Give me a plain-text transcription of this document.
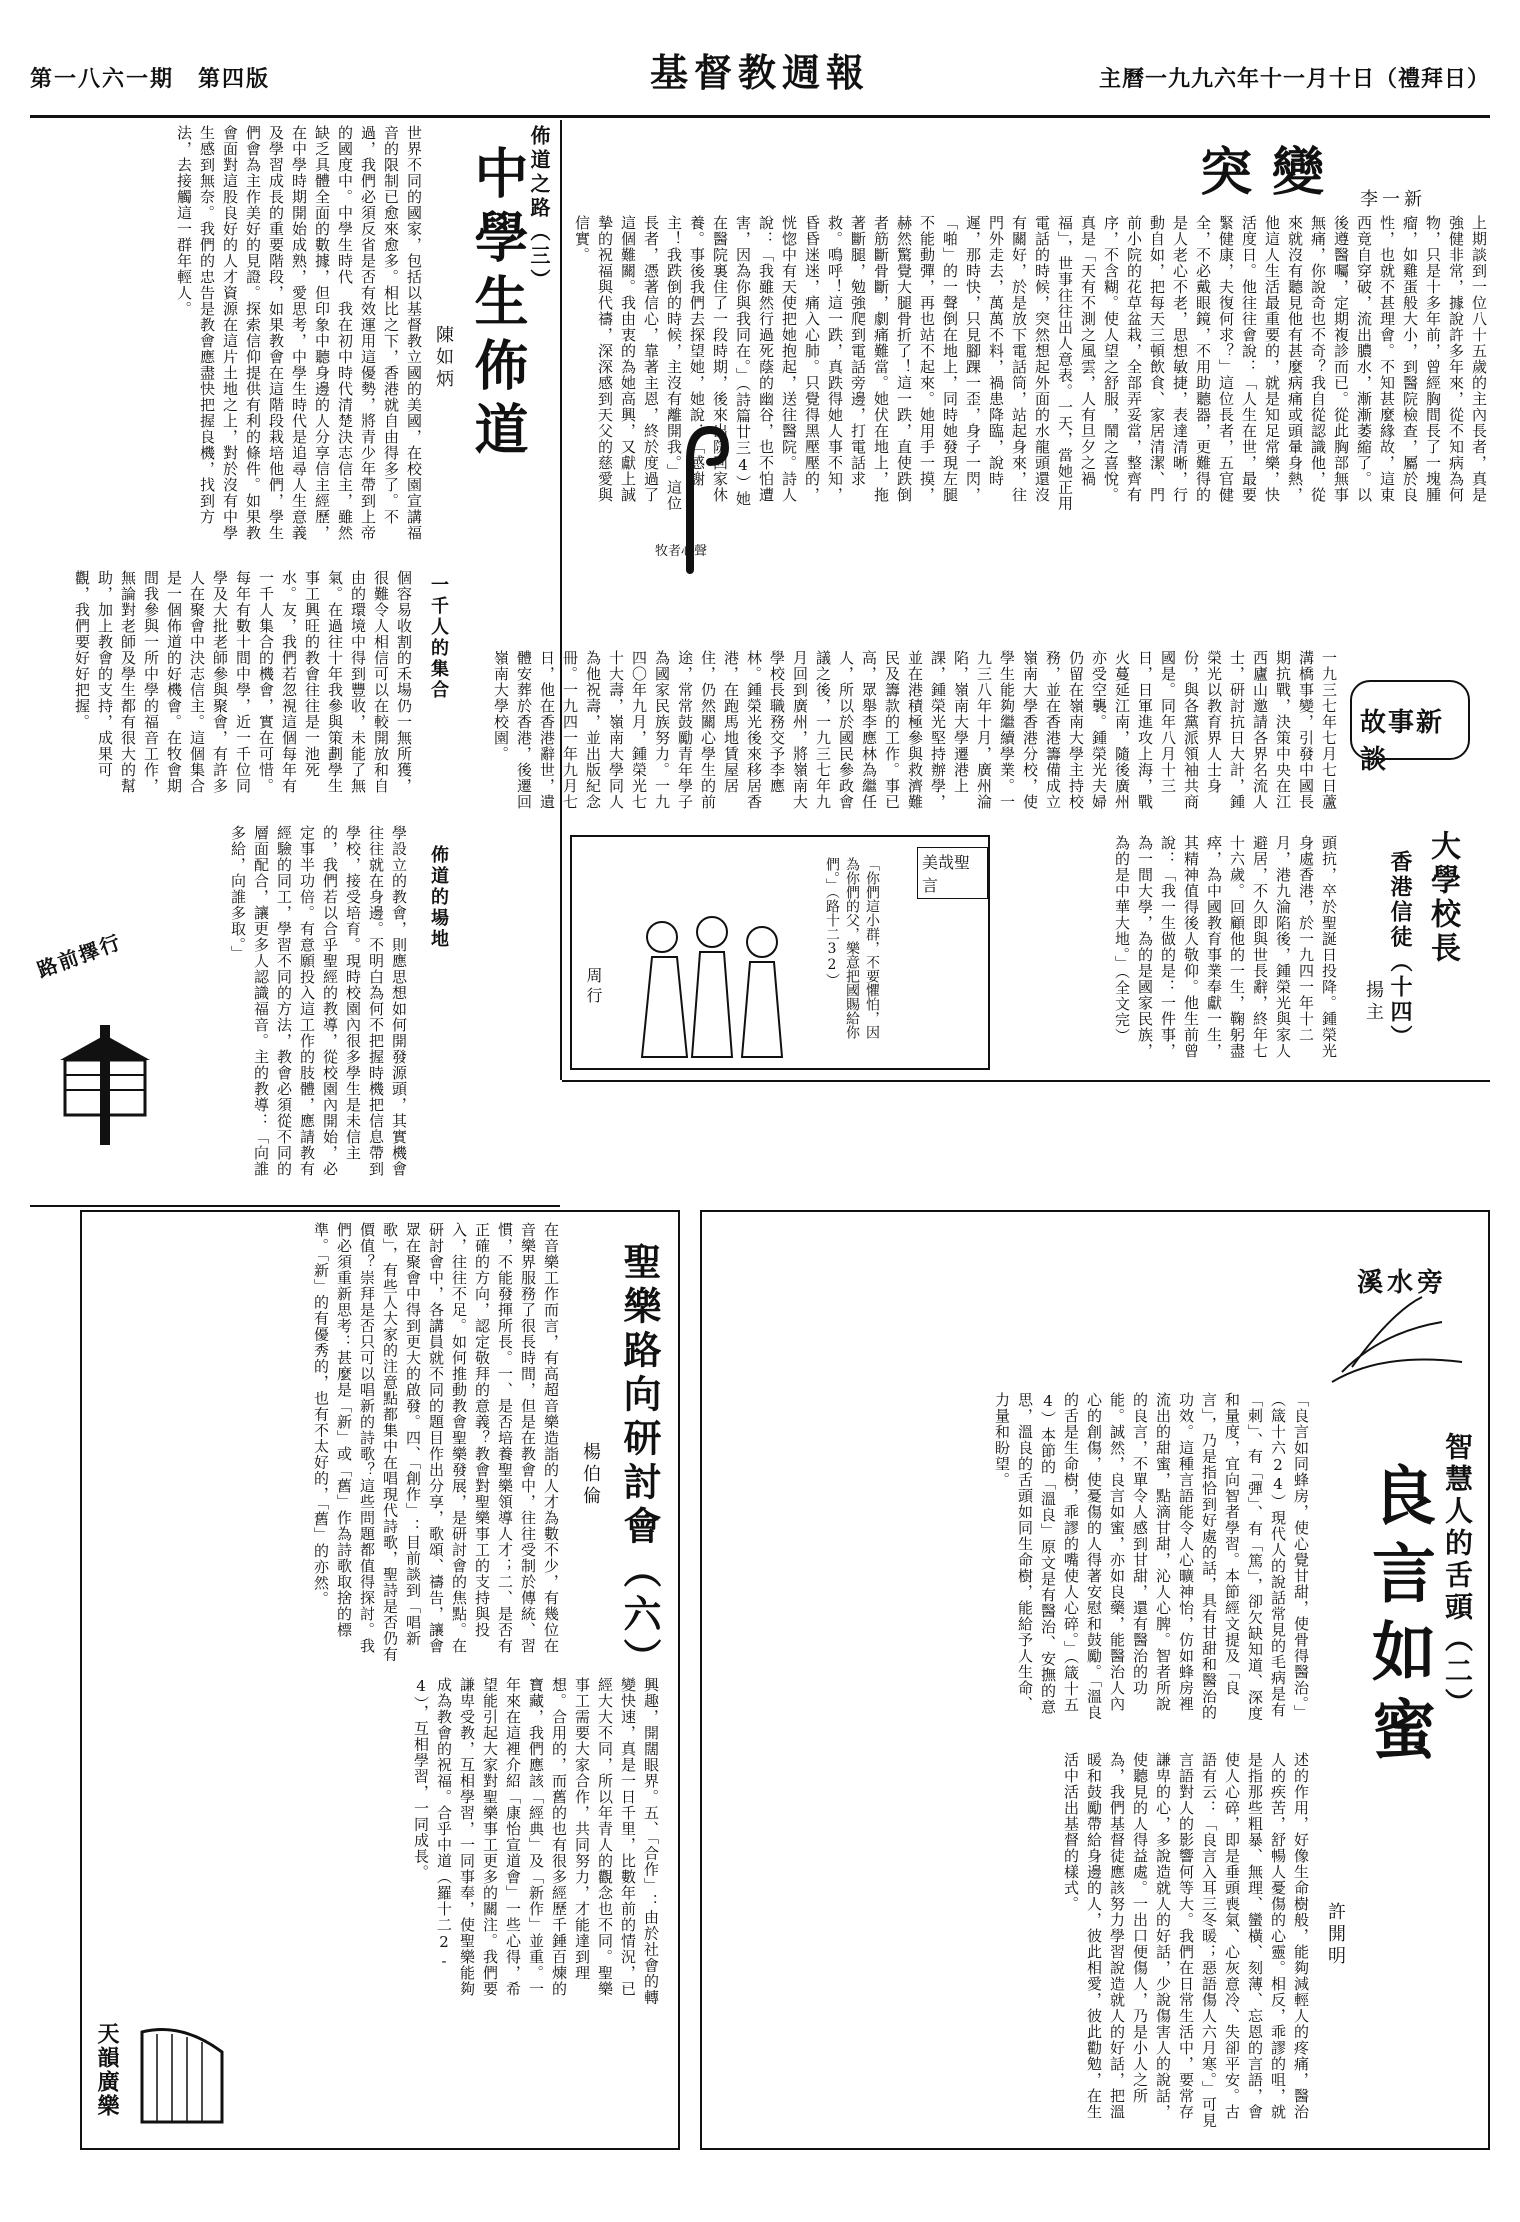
第一八六一期　第四版	基督教週報	主曆一九九六年十一月十日（禮拜日）
突變 李一新
上期談到一位八十五歲的主內長者，真是強健非常，據說許多年來，從不知病為何物，只是十多年前，曾經胸間長了一塊腫瘤，如雞蛋般大小，到醫院檢查，屬於良性，也就不甚理會。不知甚麼緣故，這東西竟自穿破，流出膿水，漸漸萎縮了。以後遵醫囑，定期複診而已。從此胸部無事無痛，你說奇也不奇？我自從認識他，從來就沒有聽見他有甚麼病痛或頭暈身熱，他這人生活最重要的，就是知足常樂，快活度日。他往往會說：「人生在世，最要緊健康，夫復何求？」這位長者，五官健全，不必戴眼鏡，不用助聽器，更難得的是人老心不老，思想敏捷，表達清晰，行動自如，把每天三頓飲食、家居清潔、門前小院的花草盆栽，全部弄妥當，整齊有序，不含糊。使人望之舒服，鬧之喜悅。真是「天有不測之風雲，人有旦夕之禍福」，世事往往出人意表。一天，當她正用電話的時候，突然想起外面的水龍頭還沒有關好，於是放下電話筒，站起身來，往門外走去，萬萬不料，禍患降臨，說時遲，那時快，只見腳踝一歪，身子一閃，「啪」的一聲倒在地上，同時她發現左腿不能動彈，再也站不起來。她用手一摸，赫然驚覺大腿骨折了！這一跌，直使跌倒者筋斷骨斷，劇痛難當。她伏在地上，拖著斷腿，勉強爬到電話旁邊，打電話求救。鳴呼！這一跌，真跌得她人事不知，昏昏迷迷，痛入心肺。只覺得黑壓壓的，恍惚中有天使把她抱起，送往醫院。詩人說：「我雖然行過死蔭的幽谷，也不怕遭害，因為你與我同在。」（詩篇廿三4）她在醫院裏住了一段時期，後來出院回家休養。事後我們去探望她，她說：「感謝主！我跌倒的時候，主沒有離開我。」這位長者，憑著信心，靠著主恩，終於度過了這個難關。我由衷的為她高興，又獻上誠摯的祝福與代禱，深深感到天父的慈愛與信實。
佈道之路（三）
中學生佈道
陳如炳
世界不同的國家，包括以基督教立國的美國，在校園宣講福音的限制已愈來愈多。相比之下，香港就自由得多了。不過，我們必須反省是否有效運用這優勢，將青少年帶到上帝的國度中。中學生時代　我在初中時代清楚決志信主，雖然缺乏具體全面的數據，但印象中聽身邊的人分享信主經歷，在中學時期開始成熟，愛思考，中學生時代是追尋人生意義及學習成長的重要階段，如果教會在這階段栽培他們，學生們會為主作美好的見證。探索信仰提供有利的條件。如果教會面對這股良好的人才資源在這片土地之上，對於沒有中學生感到無奈。我們的忠告是教會應盡快把握良機，找到方法，去接觸這一群年輕人。
一千人的集合
個容易收割的禾場仍一無所獲，很難令人相信可以在較開放和自由的環境中得到豐收，未能了無氣。在過往十年我參與策劃學生事工興旺的教會往往是一池死水。友，我們若忽視這個每年有一千人集合的機會，實在可惜。每年有數十間中學，近一千位同學及大批老師參與聚會，有許多人在聚會中決志信主。這個集合是一個佈道的好機會。在牧會期間我參與一所中學的福音工作，無論對老師及學生都有很大的幫助，加上教會的支持，成果可觀，我們要好好把握。
佈道的場地
學設立的教會，則應思想如何開發源頭，其實機會往往就在身邊。不明白為何不把握時機把信息帶到學校，接受培育。現時校園內很多學生是未信主的，我們若以合乎聖經的教導，從校園內開始，必定事半功倍。有意願投入這工作的肢體，應請教有經驗的同工，學習不同的方法，教會必須從不同的層面配合，讓更多人認識福音。主的教導：「向誰多給，向誰多取。」
路前擇行
牧者心聲
故事新談
大學校長
香港信徒（十四）
揚主
一九三七年七月七日蘆溝橋事變，引發中國長期抗戰，決策中央在江西廬山邀請各界名流人士，研討抗日大計，鍾榮光以教育界人士身份，與各黨派領袖共商國是。同年八月十三日，日軍進攻上海，戰火蔓延江南，隨後廣州亦受空襲。鍾榮光夫婦仍留在嶺南大學主持校務，並在香港籌備成立嶺南大學香港分校，使學生能夠繼續學業。一九三八年十月，廣州淪陷，嶺南大學遷港上課，鍾榮光堅持辦學，並在港積極參與救濟難民及籌款的工作。事已高，眾舉李應林為繼任人，所以於國民參政會議之後，一九三七年九月回到廣州，將嶺南大學校長職務交予李應林。鍾榮光後來移居香港，在跑馬地賃屋居住，仍然關心學生的前途，常常鼓勵青年學子為國家民族努力。一九四〇年九月，鍾榮光七十大壽，嶺南大學同人為他祝壽，並出版紀念冊。一九四一年九月七日，他在香港辭世，遺體安葬於香港，後遷回嶺南大學校園。
美哉聖言
「你們這小群，不要懼怕，因為你們的父，樂意把國賜給你們。」（路十二32）
周行	頭抗，卒於聖誕日投降。鍾榮光身處香港，於一九四一年十二月，港九淪陷後，鍾榮光與家人避居，不久即與世長辭，終年七十六歲。回顧他的一生，鞠躬盡瘁，為中國教育事業奉獻一生，其精神值得後人敬仰。他生前曾說：「我一生做的是：一件事，為一間大學，為的是國家民族，為的是中華大地。」（全文完）
聖樂路向研討會（六）
楊伯倫
在音樂工作而言，有高超音樂造詣的人才為數不少，有幾位在音樂界服務了很長時間，但是在教會中，往往受制於傳統、習慣，不能發揮所長。一、是否培養聖樂領導人才；二、是否有正確的方向，認定敬拜的意義？教會對聖樂事工的支持與投入，往往不足。如何推動教會聖樂發展，是研討會的焦點。在研討會中，各講員就不同的題目作出分享，歌頌、禱告，讓會眾在聚會中得到更大的啟發。四、「創作」：目前談到「唱新歌」，有些人大家的注意點都集中在唱現代詩歌，聖詩是否仍有價值？崇拜是否只可以唱新的詩歌？這些問題都值得探討。我們必須重新思考：甚麼是「新」或「舊」作為詩歌取捨的標準。「新」的有優秀的，也有不太好的，「舊」的亦然。
興趣，開闊眼界。五、「合作」：由於社會的轉變快速，真是一日千里，比數年前的情況，已經大大不同，所以年青人的觀念也不同。聖樂事工需要大家合作，共同努力，才能達到理想。合用的，而舊的也有很多經歷千錘百煉的寶藏，我們應該「經典」及「新作」並重。一年來在這裡介紹「康怡宣道會」一些心得，希望能引起大家對聖樂事工更多的關注。我們要謙卑受教，互相學習，一同事奉，使聖樂能夠成為教會的祝福。合乎中道（羅十二2-4），互相學習，一同成長。
天韻廣樂
溪水旁
智慧人的舌頭（二）
良言如蜜
許開明
「良言如同蜂房，使心覺甘甜，使骨得醫治。」（箴十六24）現代人的說話常見的毛病是有「刺」、有「彈」、有「篤」，卻欠缺知道、深度和量度，宜向智者學習。本節經文提及「良言」，乃是指恰到好處的話，具有甘甜和醫治的功效。這種言語能令人心曠神怡，仿如蜂房裡流出的甜蜜，點滴甘甜，沁人心脾。智者所說的良言，不單令人感到甘甜，還有醫治的功能。誠然，良言如蜜，亦如良藥，能醫治人內心的創傷，使憂傷的人得著安慰和鼓勵。「溫良的舌是生命樹，乖謬的嘴使人心碎。」（箴十五4）本節的「溫良」原文是有醫治、安撫的意思，溫良的舌頭如同生命樹，能給予人生命、力量和盼望。
述的作用，好像生命樹般，能夠減輕人的疼痛，醫治人的疾苦，舒暢人憂傷的心靈。相反，乖謬的咀，就是指那些粗暴、無理、蠻橫、刻薄、忘恩的言語，會使人心碎，即是垂頭喪氣、心灰意冷、失卻平安。古語有云：「良言入耳三冬暖；惡語傷人六月寒。」可見言語對人的影響何等大。我們在日常生活中，要常存謙卑的心，多說造就人的好話，少說傷害人的說話，使聽見的人得益處。一出口便傷人，乃是小人之所為，我們基督徒應該努力學習說造就人的好話，把溫暖和鼓勵帶給身邊的人，彼此相愛，彼此勸勉，在生活中活出基督的樣式。
